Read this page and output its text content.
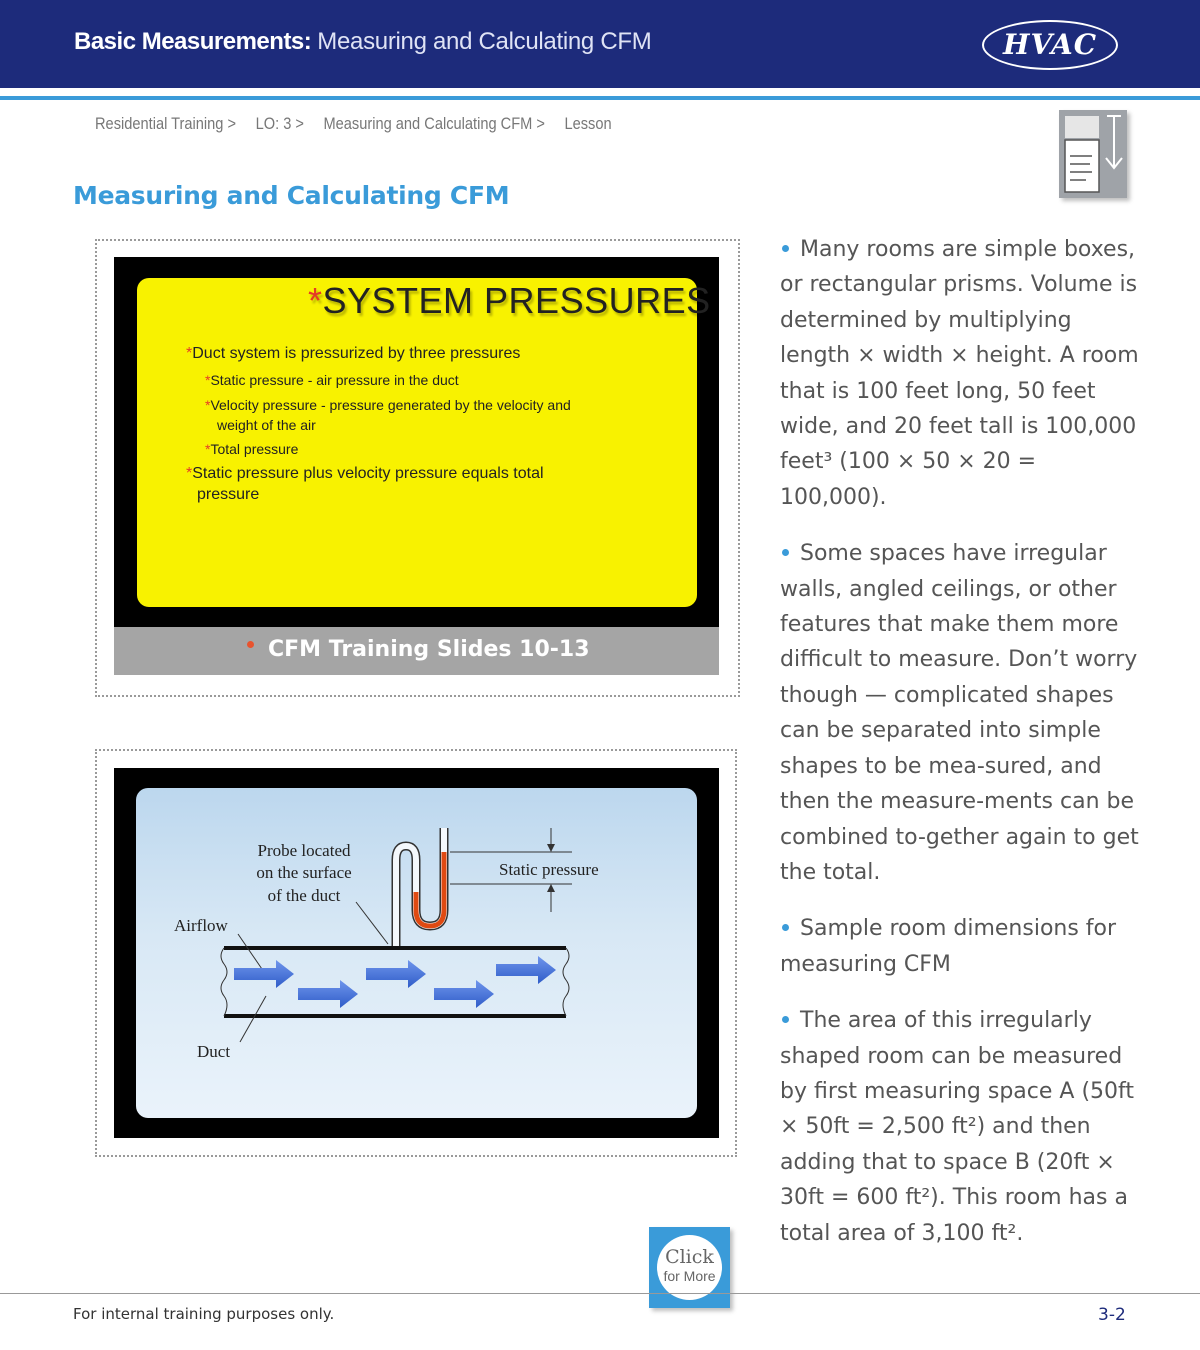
Basic Measurements: Measuring and Calculating CFM	HVAC
Residential Training > LO: 3 > Measuring and Calculating CFM > Lesson
Measuring and Calculating CFM
*SYSTEM PRESSURES
*Duct system is pressurized by three pressures
*Static pressure - air pressure in the duct
*Velocity pressure - pressure generated by the velocity and
weight of the air
*Total pressure
*Static pressure plus velocity pressure equals total
pressure
CFM Training Slides 10-13
Probe located
on the surface
of the duct
Static pressure
Airflow
Duct

Many rooms are simple boxes, or rectangular prisms. Volume is determined by multiplying length × width × height. A room that is 100 feet long, 50 feet wide, and 20 feet tall is 100,000 feet³ (100 × 50 × 20 = 100,000).

Some spaces have irregular walls, angled ceilings, or other features that make them more difficult to measure. Don’t worry though — complicated shapes can be separated into simple shapes to be mea-sured, and then the measure-ments can be combined to-gether again to get the total.

Sample room dimensions for measuring CFM

The area of this irregularly shaped room can be measured by first measuring space A (50ft × 50ft = 2,500 ft²) and then adding that to space B (20ft × 30ft = 600 ft²). This room has a total area of 3,100 ft².

Click
for More
For internal training purposes only.	3-2
